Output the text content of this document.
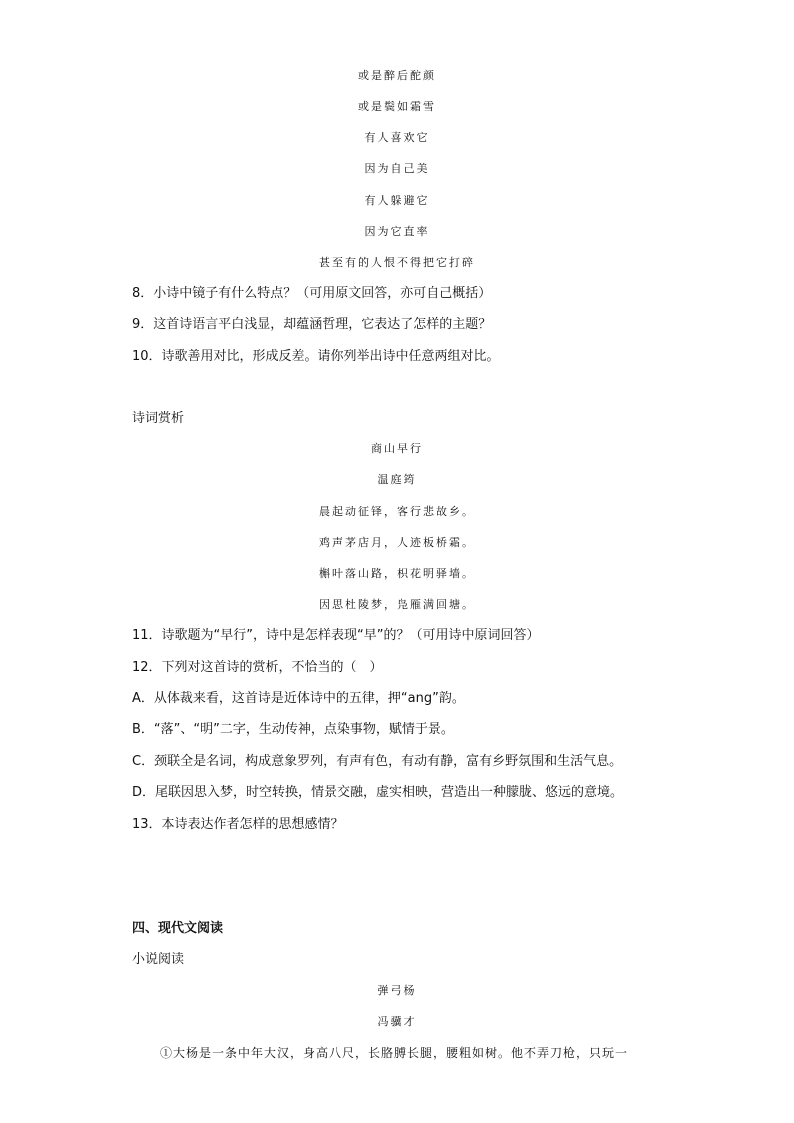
或是醉后酡颜
或是鬓如霜雪
有人喜欢它
因为自己美
有人躲避它
因为它直率
甚至有的人恨不得把它打碎
8．小诗中镜子有什么特点？（可用原文回答，亦可自己概括）
9．这首诗语言平白浅显，却蕴涵哲理，它表达了怎样的主题？
10．诗歌善用对比，形成反差。请你列举出诗中任意两组对比。
诗词赏析
商山早行
温庭筠
晨起动征铎，客行悲故乡。
鸡声茅店月，人迹板桥霜。
槲叶落山路，枳花明驿墙。
因思杜陵梦，凫雁满回塘。
11．诗歌题为“早行”，诗中是怎样表现“早”的？（可用诗中原词回答）
12．下列对这首诗的赏析，不恰当的（　）
A．从体裁来看，这首诗是近体诗中的五律，押“ang”韵。
B．“落”、“明”二字，生动传神，点染事物，赋情于景。
C．颈联全是名词，构成意象罗列，有声有色，有动有静，富有乡野氛围和生活气息。
D．尾联因思入梦，时空转换，情景交融，虚实相映，营造出一种朦胧、悠远的意境。
13．本诗表达作者怎样的思想感情？
四、现代文阅读
小说阅读
弹弓杨
冯骥才
①大杨是一条中年大汉，身高八尺，长胳膊长腿，腰粗如树。他不弄刀枪，只玩一
